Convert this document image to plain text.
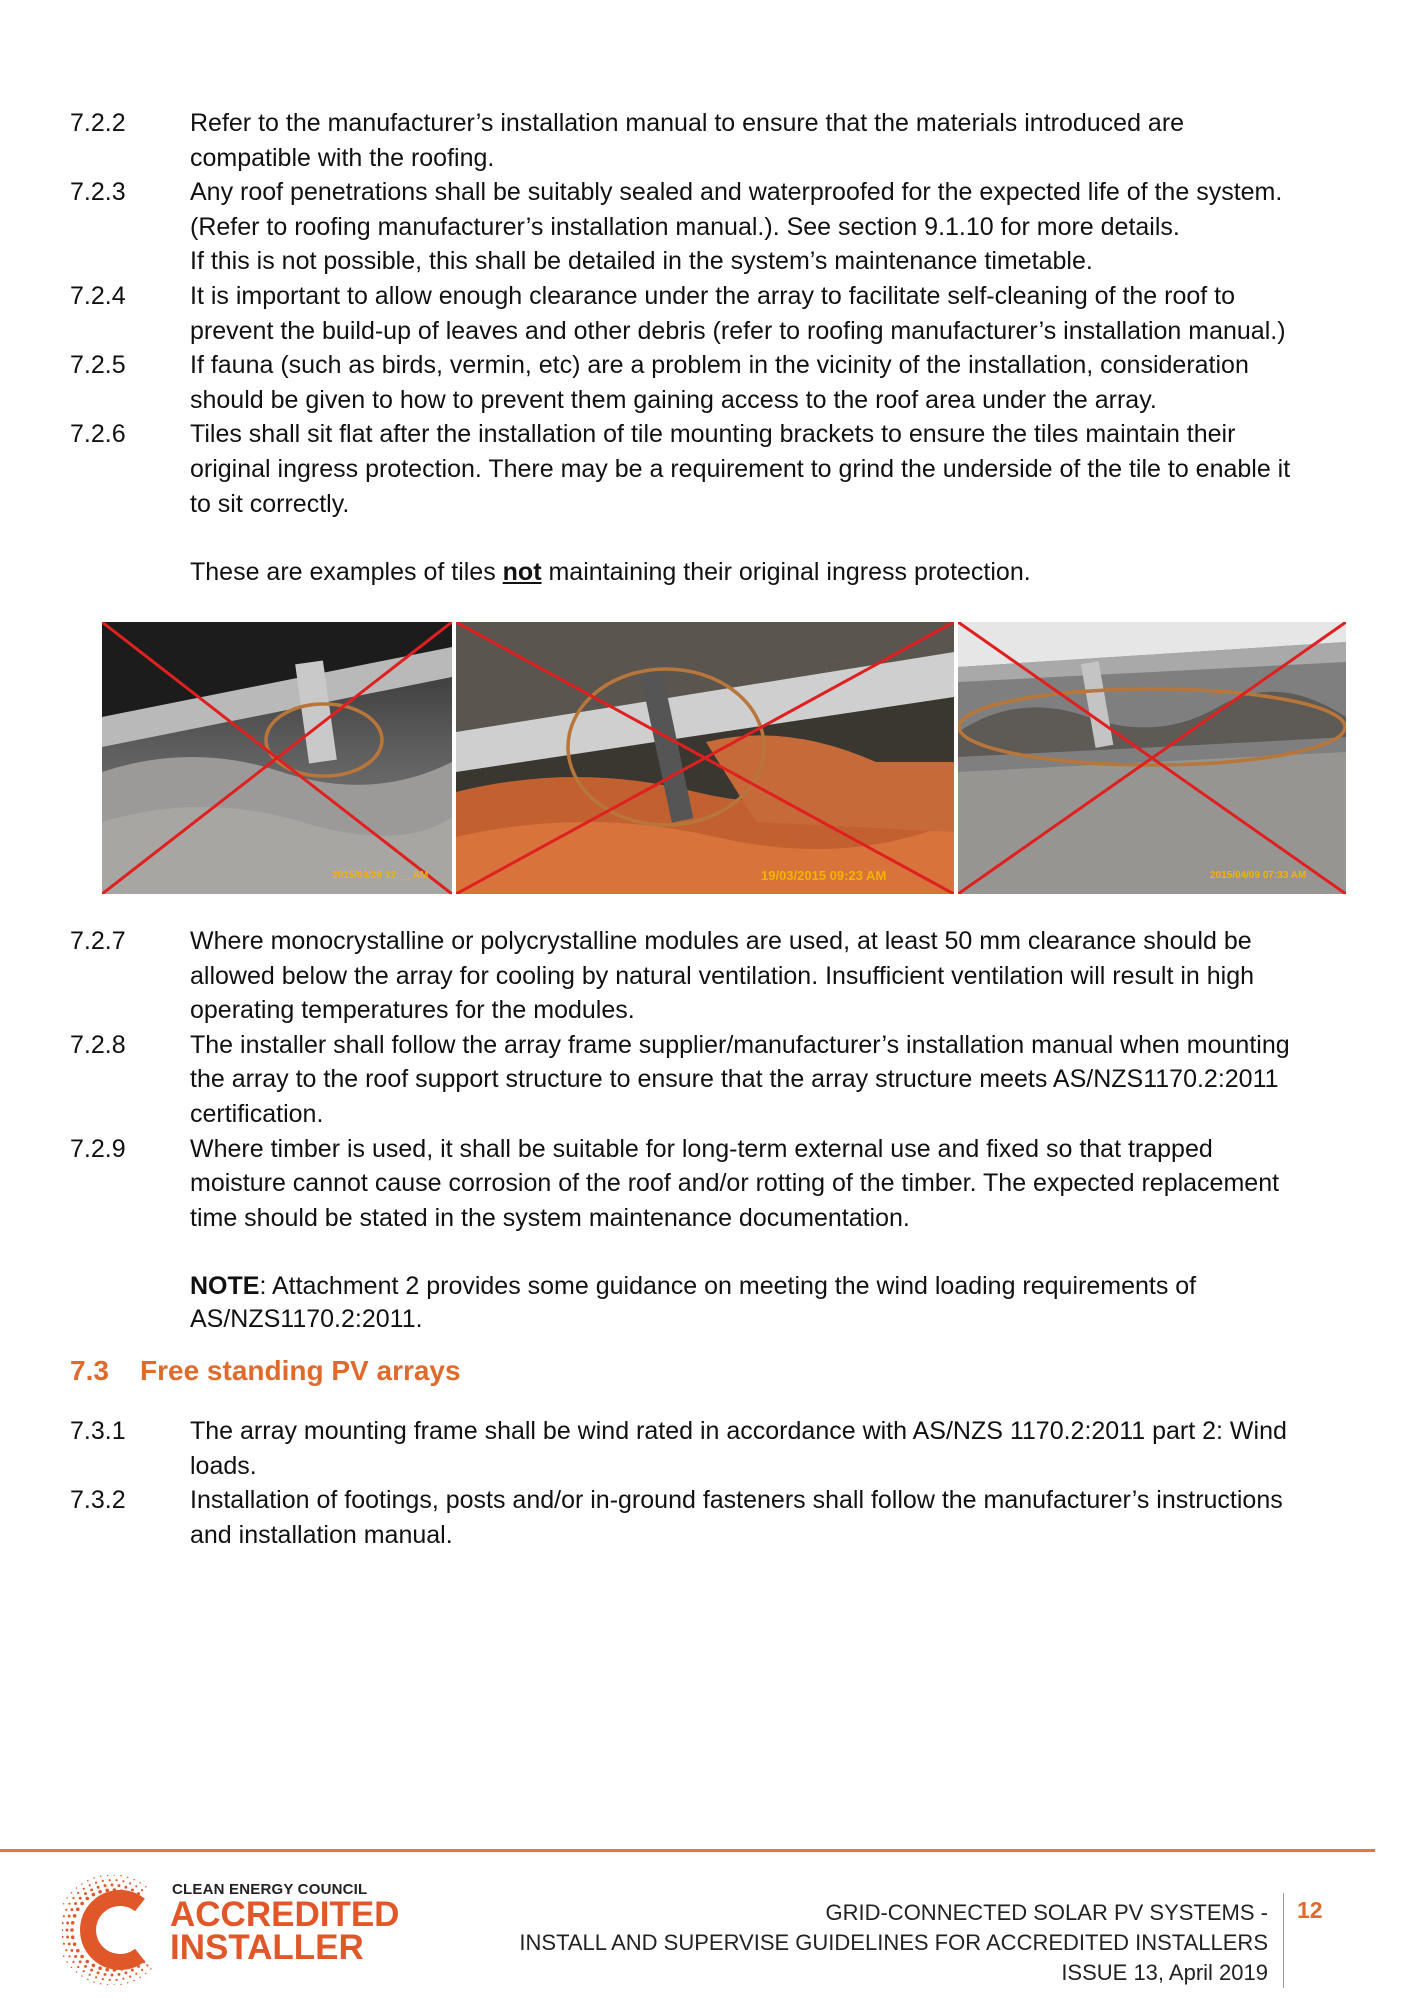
7.2.2	Refer to the manufacturer’s installation manual to ensure that the materials introduced are
compatible with the roofing.
7.2.3	Any roof penetrations shall be suitably sealed and waterproofed for the expected life of the system.
(Refer to roofing manufacturer’s installation manual.). See section 9.1.10 for more details.
If this is not possible, this shall be detailed in the system’s maintenance timetable.
7.2.4	It is important to allow enough clearance under the array to facilitate self-cleaning of the roof to
prevent the build-up of leaves and other debris (refer to roofing manufacturer’s installation manual.)
7.2.5	If fauna (such as birds, vermin, etc) are a problem in the vicinity of the installation, consideration
should be given to how to prevent them gaining access to the roof area under the array.
7.2.6	Tiles shall sit flat after the installation of tile mounting brackets to ensure the tiles maintain their
original ingress protection. There may be a requirement to grind the underside of the tile to enable it
to sit correctly.
These are examples of tiles not maintaining their original ingress protection.
2015/03/26 12:__ AM	19/03/2015 09:23 AM	2015/04/09 07:33 AM
7.2.7	Where monocrystalline or polycrystalline modules are used, at least 50 mm clearance should be
allowed below the array for cooling by natural ventilation. Insufficient ventilation will result in high
operating temperatures for the modules.
7.2.8	The installer shall follow the array frame supplier/manufacturer’s installation manual when mounting
the array to the roof support structure to ensure that the array structure meets AS/NZS1170.2:2011
certification.
7.2.9	Where timber is used, it shall be suitable for long-term external use and fixed so that trapped
moisture cannot cause corrosion of the roof and/or rotting of the timber. The expected replacement
time should be stated in the system maintenance documentation.
NOTE: Attachment 2 provides some guidance on meeting the wind loading requirements of
AS/NZS1170.2:2011.
7.3 Free standing PV arrays
7.3.1	The array mounting frame shall be wind rated in accordance with AS/NZS 1170.2:2011 part 2: Wind
loads.
7.3.2	Installation of footings, posts and/or in-ground fasteners shall follow the manufacturer’s instructions
and installation manual.
CLEAN ENERGY COUNCIL
ACCREDITED
INSTALLER
GRID-CONNECTED SOLAR PV SYSTEMS -
INSTALL AND SUPERVISE GUIDELINES FOR ACCREDITED INSTALLERS
ISSUE 13, April 2019
12
